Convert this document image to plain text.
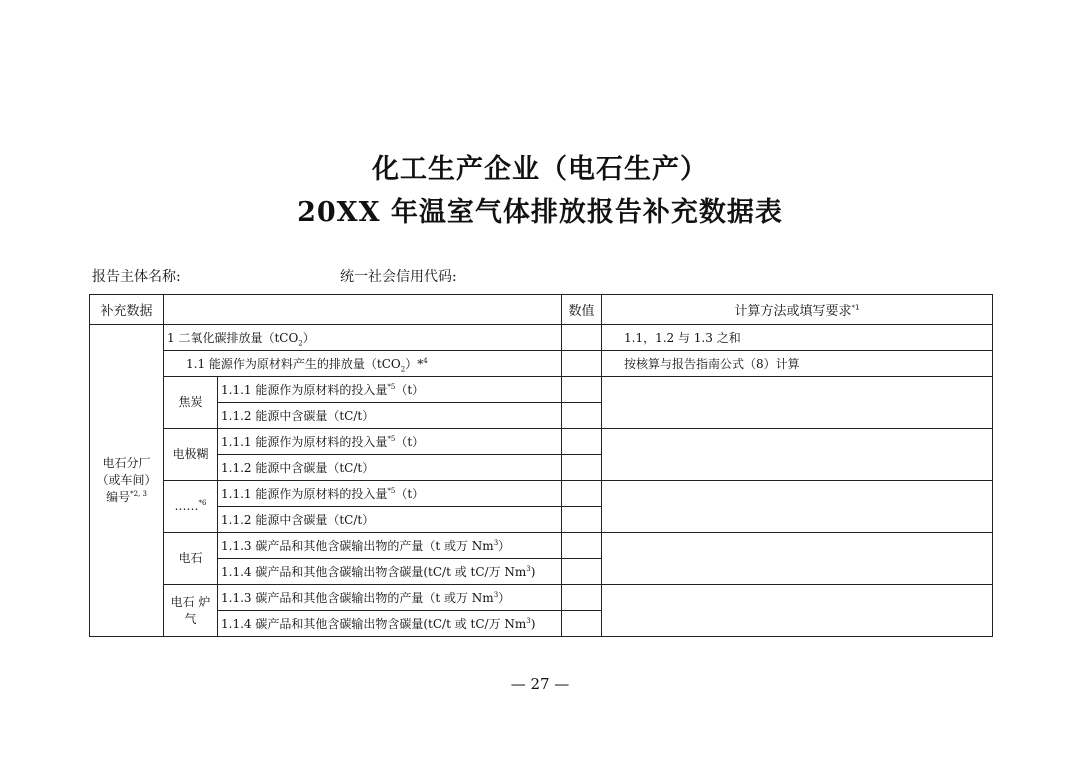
化工生产企业（电石生产）
20XX 年温室气体排放报告补充数据表
报告主体名称:	统一社会信用代码:
补充数据			数值	计算方法或填写要求$^{*1}$

电石分厂
（或车间）
编号$^{*2, 3}$	1 二氧化碳排放量（tCO$_2$）			1.1，1.2 与 1.3 之和
	1.1 能源作为原材料产生的排放量（tCO$_2$）*$^4$			按核算与报告指南公式（8）计算
	焦炭	1.1.1 能源作为原材料的投入量$^{*5}$（t）		
		1.1.2 能源中含碳量（tC/t）		
	电极糊	1.1.1 能源作为原材料的投入量$^{*5}$（t）		
		1.1.2 能源中含碳量（tC/t）		
	……$^{*6}$	1.1.1 能源作为原材料的投入量$^{*5}$（t）		
		1.1.2 能源中含碳量（tC/t）		
	电石	1.1.3 碳产品和其他含碳输出物的产量（t 或万 Nm$^3$）		
		1.1.4 碳产品和其他含碳输出物含碳量(tC/t 或 tC/万 Nm$^3$)		
	电石 炉气	1.1.3 碳产品和其他含碳输出物的产量（t 或万 Nm$^3$）		
		1.1.4 碳产品和其他含碳输出物含碳量(tC/t 或 tC/万 Nm$^3$)		
— 27 —
